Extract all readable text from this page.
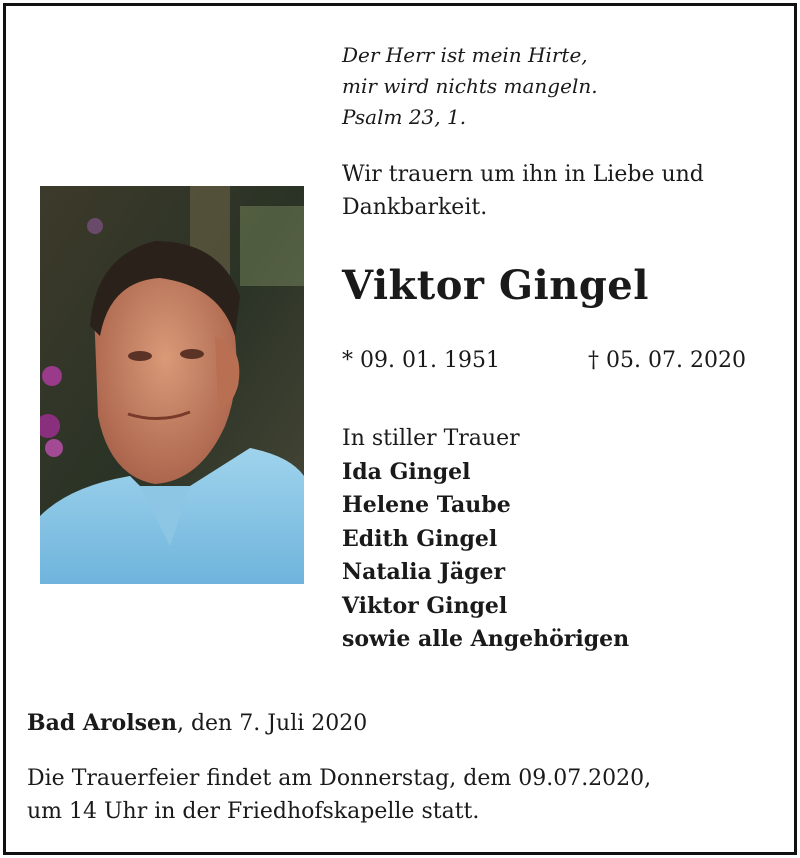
Der Herr ist mein Hirte,
mir wird nichts mangeln.
Psalm 23, 1.
Wir trauern um ihn in Liebe und
Dankbarkeit.
Viktor Gingel
* 09. 01. 1951	† 05. 07. 2020
In stiller Trauer
Ida Gingel
Helene Taube
Edith Gingel
Natalia Jäger
Viktor Gingel
sowie alle Angehörigen
Bad Arolsen, den 7. Juli 2020
Die Trauerfeier findet am Donnerstag, dem 09.07.2020,
um 14 Uhr in der Friedhofskapelle statt.
